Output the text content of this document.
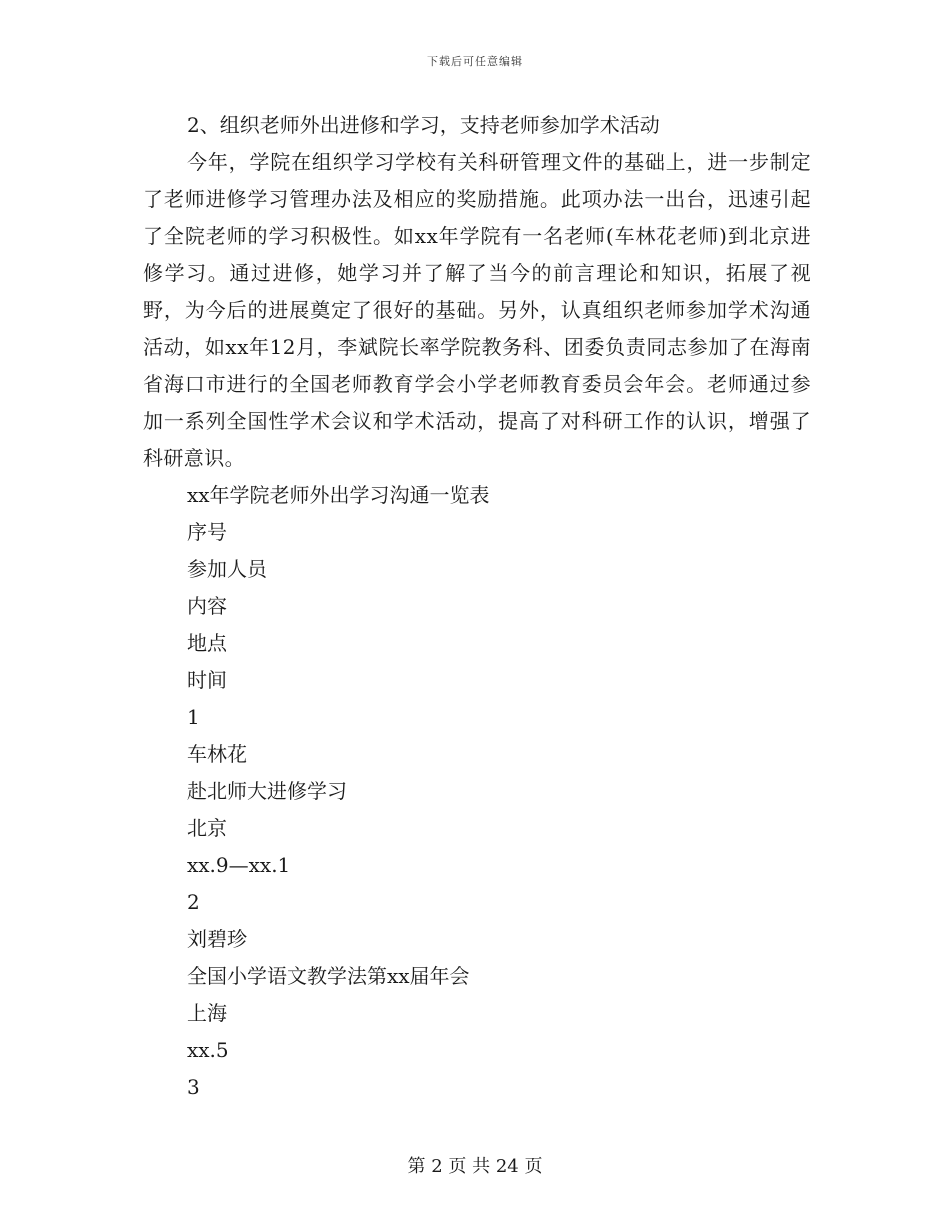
下载后可任意编辑
2、组织老师外出进修和学习，支持老师参加学术活动

今年，学院在组织学习学校有关科研管理文件的基础上，进一步制定了老师进修学习管理办法及相应的奖励措施。此项办法一出台，迅速引起了全院老师的学习积极性。如xx年学院有一名老师(车林花老师)到北京进修学习。通过进修，她学习并了解了当今的前言理论和知识，拓展了视野，为今后的进展奠定了很好的基础。另外，认真组织老师参加学术沟通活动，如xx年12月，李斌院长率学院教务科、团委负责同志参加了在海南省海口市进行的全国老师教育学会小学老师教育委员会年会。老师通过参加一系列全国性学术会议和学术活动，提高了对科研工作的认识，增强了科研意识。

xx年学院老师外出学习沟通一览表
序号
参加人员
内容
地点
时间
1
车林花
赴北师大进修学习
北京
xx.9—xx.1
2
刘碧珍
全国小学语文教学法第xx届年会
上海
xx.5
3
第 2 页 共 24 页
